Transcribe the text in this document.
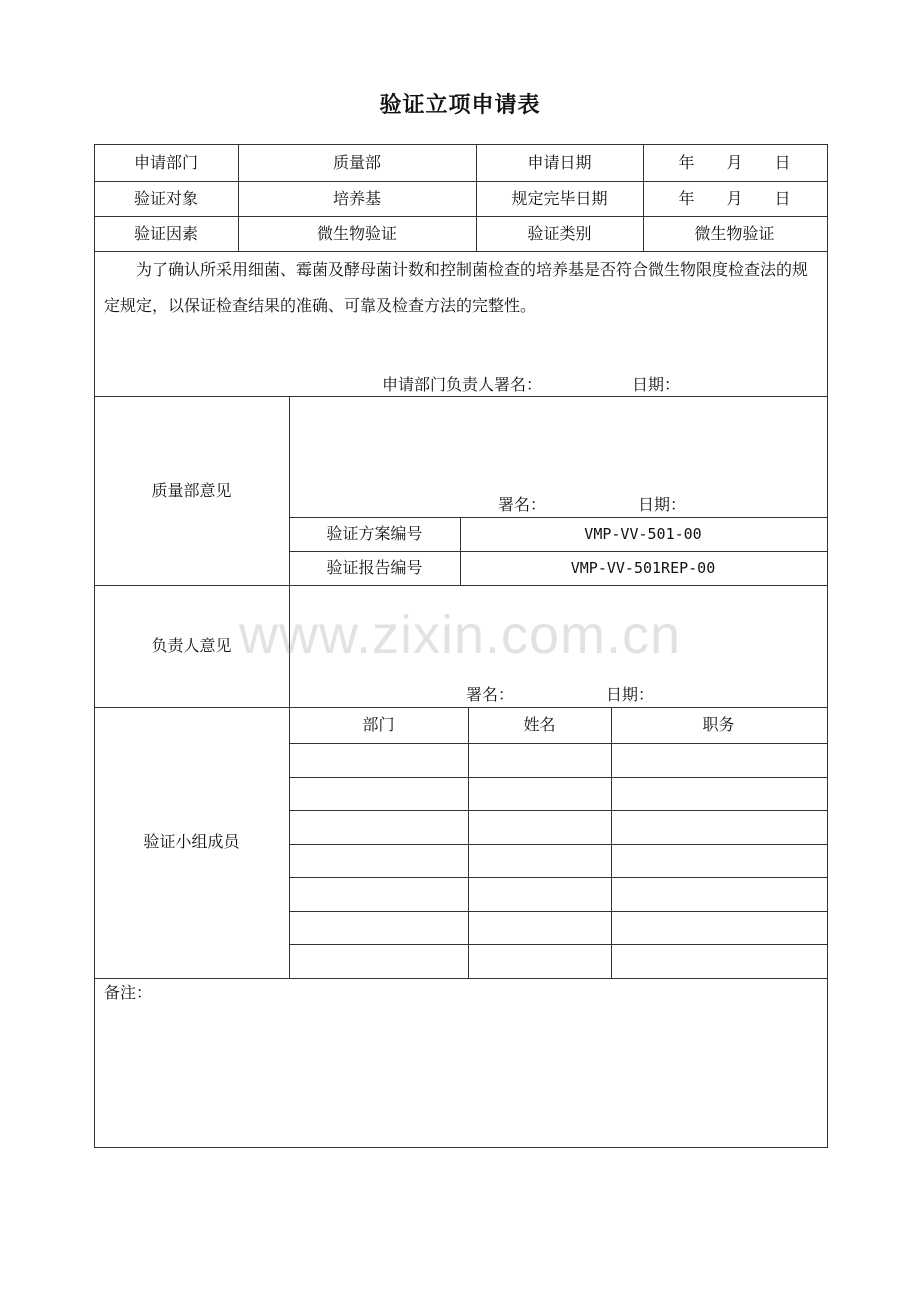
验证立项申请表
申请部门	质量部	申请日期	年　　月　　日
验证对象	培养基	规定完毕日期	年　　月　　日
验证因素	微生物验证	验证类别	微生物验证
为了确认所采用细菌、霉菌及酵母菌计数和控制菌检查的培养基是否符合微生物限度检查法的规定规定，以保证检查结果的准确、可靠及检查方法的完整性。
申请部门负责人署名：	日期：
质量部意见
署名：	日期：
验证方案编号	VMP-VV-501-00
验证报告编号	VMP-VV-501REP-00
www.zixin.com.cn
负责人意见
署名：	日期：
验证小组成员
部门	姓名	职务
备注：
